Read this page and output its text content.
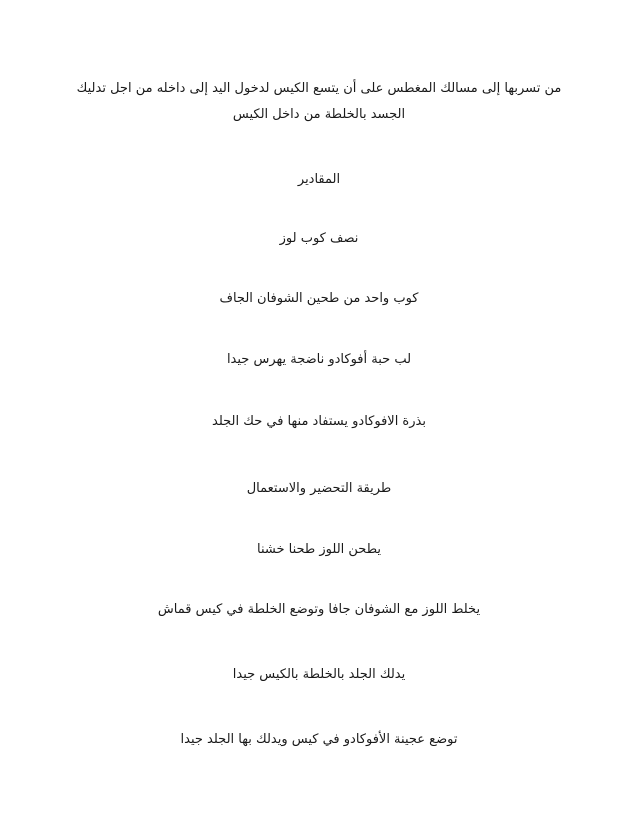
من تسربها إلى مسالك المغطس على أن يتسع الكيس لدخول اليد إلى داخله من اجل تدليك
الجسد بالخلطة من داخل الكيس
المقادير
نصف كوب لوز
كوب واحد من طحين الشوفان الجاف
لب حبة أفوكادو ناضجة يهرس جيدا
بذرة الافوكادو يستفاد منها في حك الجلد
طريقة التحضير والاستعمال
يطحن اللوز طحنا خشنا
يخلط اللوز مع الشوفان جافا وتوضع الخلطة في كيس قماش
يدلك الجلد بالخلطة بالكيس جيدا
توضع عجينة الأفوكادو في كيس ويدلك بها الجلد جيدا
